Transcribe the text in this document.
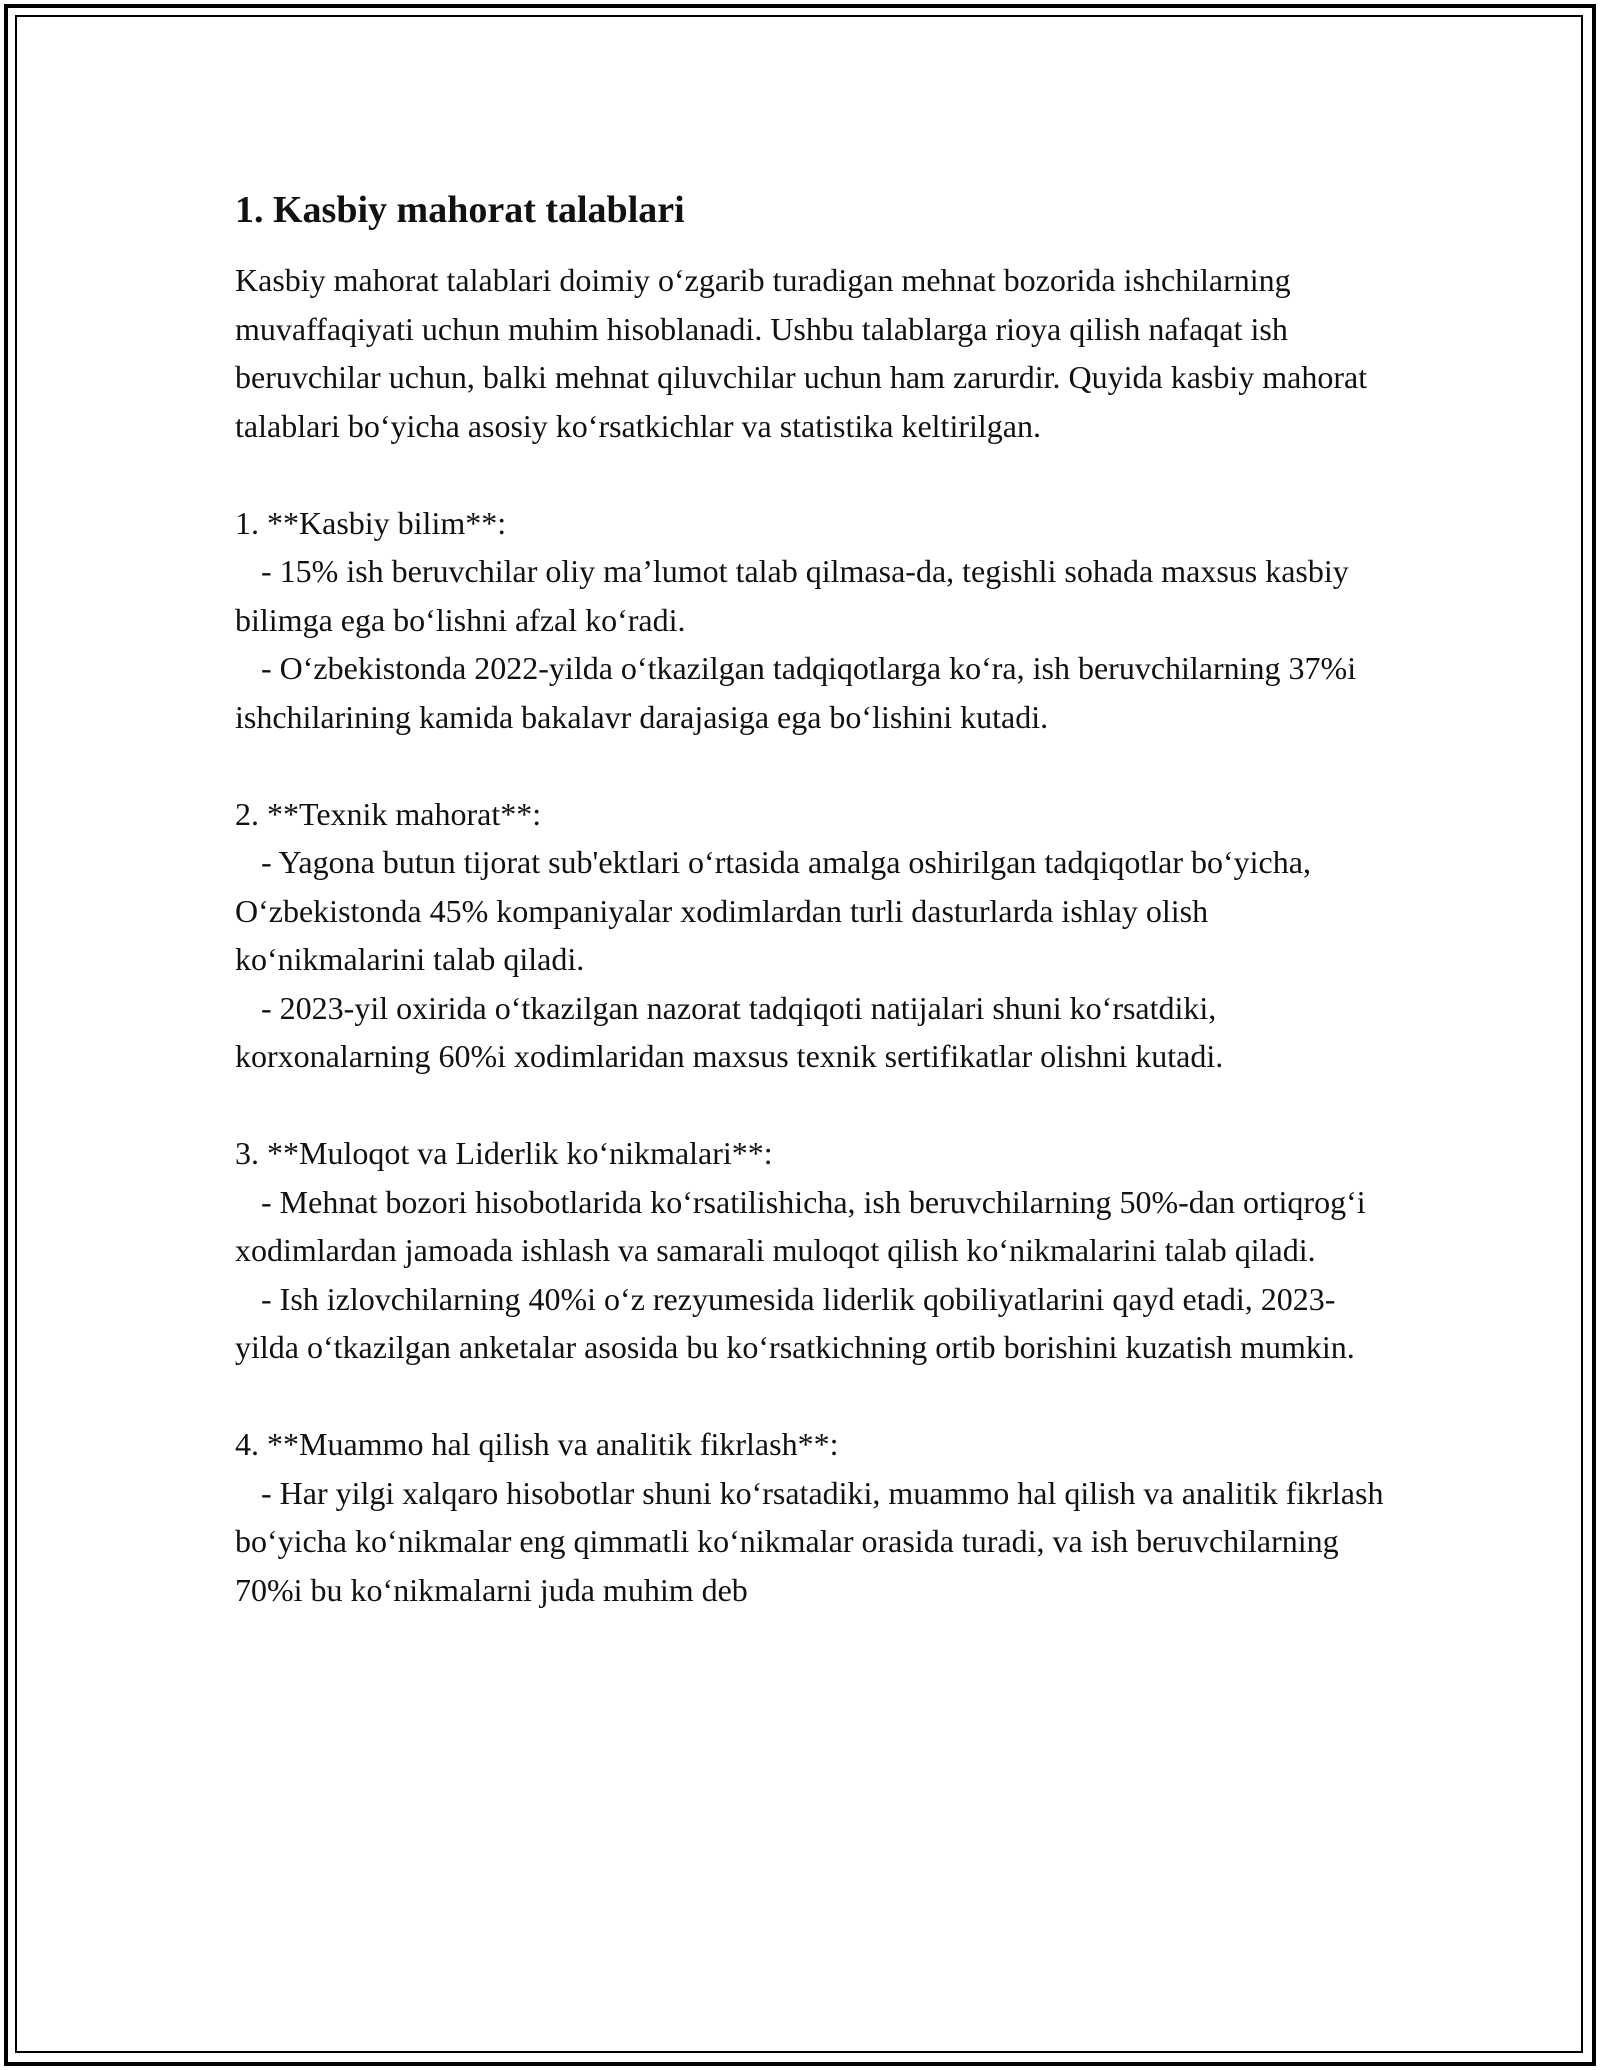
1. Kasbiy mahorat talablari

Kasbiy mahorat talablari doimiy o‘zgarib turadigan mehnat bozorida ishchilarning muvaffaqiyati uchun muhim hisoblanadi. Ushbu talablarga rioya qilish nafaqat ish beruvchilar uchun, balki mehnat qiluvchilar uchun ham zarurdir. Quyida kasbiy mahorat talablari bo‘yicha asosiy ko‘rsatkichlar va statistika keltirilgan.

1. **Kasbiy bilim**:

- 15% ish beruvchilar oliy ma’lumot talab qilmasa-da, tegishli sohada maxsus kasbiy bilimga ega bo‘lishni afzal ko‘radi.

- O‘zbekistonda 2022-yilda o‘tkazilgan tadqiqotlarga ko‘ra, ish beruvchilarning 37%i ishchilarining kamida bakalavr darajasiga ega bo‘lishini kutadi.

2. **Texnik mahorat**:

- Yagona butun tijorat sub'ektlari o‘rtasida amalga oshirilgan tadqiqotlar bo‘yicha, O‘zbekistonda 45% kompaniyalar xodimlardan turli dasturlarda ishlay olish ko‘nikmalarini talab qiladi.

- 2023-yil oxirida o‘tkazilgan nazorat tadqiqoti natijalari shuni ko‘rsatdiki, korxonalarning 60%i xodimlaridan maxsus texnik sertifikatlar olishni kutadi.

3. **Muloqot va Liderlik ko‘nikmalari**:

- Mehnat bozori hisobotlarida ko‘rsatilishicha, ish beruvchilarning 50%-dan ortiqrog‘i xodimlardan jamoada ishlash va samarali muloqot qilish ko‘nikmalarini talab qiladi.

- Ish izlovchilarning 40%i o‘z rezyumesida liderlik qobiliyatlarini qayd etadi, 2023-yilda o‘tkazilgan anketalar asosida bu ko‘rsatkichning ortib borishini kuzatish mumkin.

4. **Muammo hal qilish va analitik fikrlash**:

- Har yilgi xalqaro hisobotlar shuni ko‘rsatadiki, muammo hal qilish va analitik fikrlash bo‘yicha ko‘nikmalar eng qimmatli ko‘nikmalar orasida turadi, va ish beruvchilarning 70%i bu ko‘nikmalarni juda muhim deb
